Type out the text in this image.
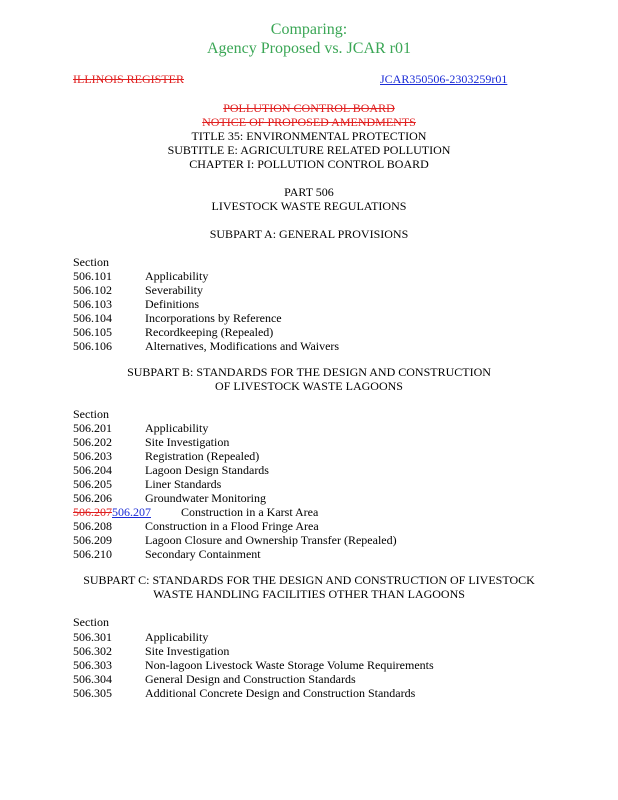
Comparing:
Agency Proposed vs. JCAR r01
ILLINOIS REGISTER	JCAR350506-2303259r01
POLLUTION CONTROL BOARD
NOTICE OF PROPOSED AMENDMENTS
TITLE 35: ENVIRONMENTAL PROTECTION
SUBTITLE E: AGRICULTURE RELATED POLLUTION
CHAPTER I: POLLUTION CONTROL BOARD
PART 506
LIVESTOCK WASTE REGULATIONS
SUBPART A: GENERAL PROVISIONS
Section
506.101	Applicability
506.102	Severability
506.103	Definitions
506.104	Incorporations by Reference
506.105	Recordkeeping (Repealed)
506.106	Alternatives, Modifications and Waivers
SUBPART B: STANDARDS FOR THE DESIGN AND CONSTRUCTION
OF LIVESTOCK WASTE LAGOONS
Section
506.201	Applicability
506.202	Site Investigation
506.203	Registration (Repealed)
506.204	Lagoon Design Standards
506.205	Liner Standards
506.206	Groundwater Monitoring
506.207506.207	Construction in a Karst Area
506.208	Construction in a Flood Fringe Area
506.209	Lagoon Closure and Ownership Transfer (Repealed)
506.210	Secondary Containment
SUBPART C: STANDARDS FOR THE DESIGN AND CONSTRUCTION OF LIVESTOCK
WASTE HANDLING FACILITIES OTHER THAN LAGOONS
Section
506.301	Applicability
506.302	Site Investigation
506.303	Non-lagoon Livestock Waste Storage Volume Requirements
506.304	General Design and Construction Standards
506.305	Additional Concrete Design and Construction Standards
